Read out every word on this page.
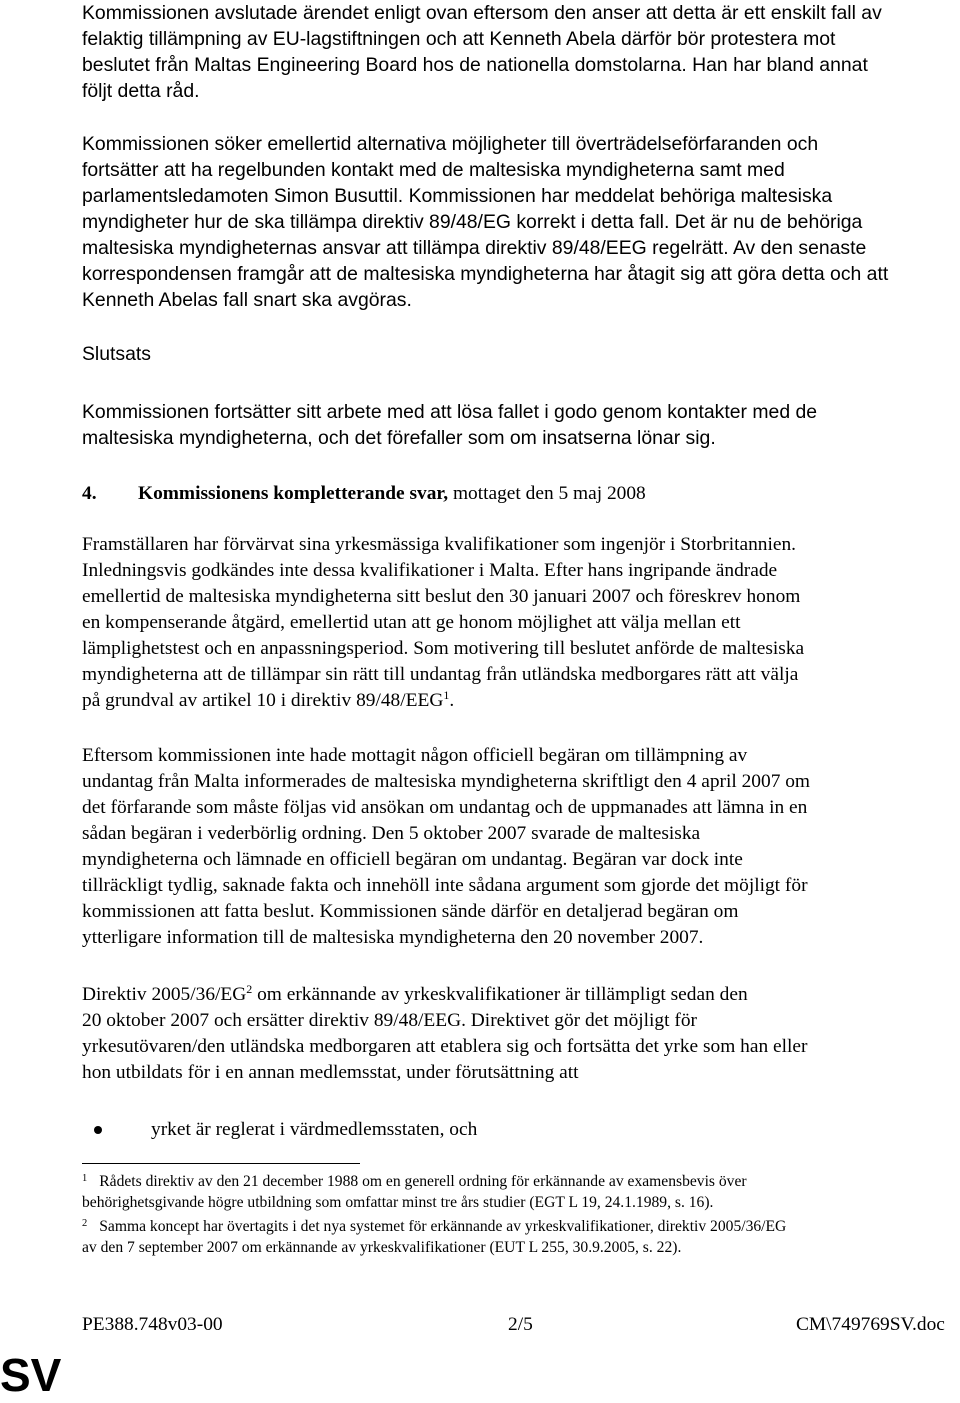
Kommissionen avslutade ärendet enligt ovan eftersom den anser att detta är ett enskilt fall av
felaktig tillämpning av EU-lagstiftningen och att Kenneth Abela därför bör protestera mot
beslutet från Maltas Engineering Board hos de nationella domstolarna. Han har bland annat
följt detta råd.
Kommissionen söker emellertid alternativa möjligheter till överträdelseförfaranden och
fortsätter att ha regelbunden kontakt med de maltesiska myndigheterna samt med
parlamentsledamoten Simon Busuttil. Kommissionen har meddelat behöriga maltesiska
myndigheter hur de ska tillämpa direktiv 89/48/EG korrekt i detta fall. Det är nu de behöriga
maltesiska myndigheternas ansvar att tillämpa direktiv 89/48/EEG regelrätt. Av den senaste
korrespondensen framgår att de maltesiska myndigheterna har åtagit sig att göra detta och att
Kenneth Abelas fall snart ska avgöras.
Slutsats
Kommissionen fortsätter sitt arbete med att lösa fallet i godo genom kontakter med de
maltesiska myndigheterna, och det förefaller som om insatserna lönar sig.
4. Kommissionens kompletterande svar, mottaget den 5 maj 2008
Framställaren har förvärvat sina yrkesmässiga kvalifikationer som ingenjör i Storbritannien.
Inledningsvis godkändes inte dessa kvalifikationer i Malta. Efter hans ingripande ändrade
emellertid de maltesiska myndigheterna sitt beslut den 30 januari 2007 och föreskrev honom
en kompenserande åtgärd, emellertid utan att ge honom möjlighet att välja mellan ett
lämplighetstest och en anpassningsperiod. Som motivering till beslutet anförde de maltesiska
myndigheterna att de tillämpar sin rätt till undantag från utländska medborgares rätt att välja
på grundval av artikel 10 i direktiv 89/48/EEG$^1$.
Eftersom kommissionen inte hade mottagit någon officiell begäran om tillämpning av
undantag från Malta informerades de maltesiska myndigheterna skriftligt den 4 april 2007 om
det förfarande som måste följas vid ansökan om undantag och de uppmanades att lämna in en
sådan begäran i vederbörlig ordning. Den 5 oktober 2007 svarade de maltesiska
myndigheterna och lämnade en officiell begäran om undantag. Begäran var dock inte
tillräckligt tydlig, saknade fakta och innehöll inte sådana argument som gjorde det möjligt för
kommissionen att fatta beslut. Kommissionen sände därför en detaljerad begäran om
ytterligare information till de maltesiska myndigheterna den 20 november 2007.
Direktiv $2005/36/EG^2$ om erkännande av yrkeskvalifikationer är tillämpligt sedan den
20 oktober 2007 och ersätter direktiv 89/48/EEG. Direktivet gör det möjligt för
yrkesutövaren/den utländska medborgaren att etablera sig och fortsätta det yrke som han eller
hon utbildats för i en annan medlemsstat, under förutsättning att
yrket är reglerat i värdmedlemsstaten, och
$^1$ Rådets direktiv av den 21 december 1988 om en generell ordning för erkännande av examensbevis över
behörighetsgivande högre utbildning som omfattar minst tre års studier (EGT L 19, 24.1.1989, s. 16).
$^2$ Samma koncept har övertagits i det nya systemet för erkännande av yrkeskvalifikationer, direktiv 2005/36/EG
av den 7 september 2007 om erkännande av yrkeskvalifikationer (EUT L 255, 30.9.2005, s. 22).
PE388.748v03-00	2/5	CM\749769SV.doc
SV
